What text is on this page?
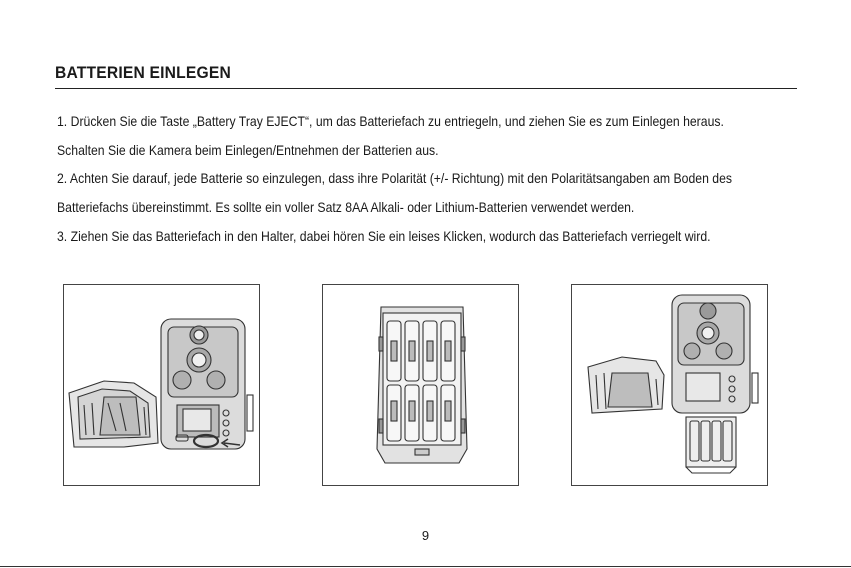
BATTERIEN EINLEGEN
1. Drücken Sie die Taste „Battery Tray EJECT“, um das Batteriefach zu entriegeln, und ziehen Sie es zum Einlegen heraus.
Schalten Sie die Kamera beim Einlegen/Entnehmen der Batterien aus.
2. Achten Sie darauf, jede Batterie so einzulegen, dass ihre Polarität (+/- Richtung) mit den Polaritätsangaben am Boden des
Batteriefachs übereinstimmt. Es sollte ein voller Satz 8AA Alkali- oder Lithium-Batterien verwendet werden.
3. Ziehen Sie das Batteriefach in den Halter, dabei hören Sie ein leises Klicken, wodurch das Batteriefach verriegelt wird.
9
